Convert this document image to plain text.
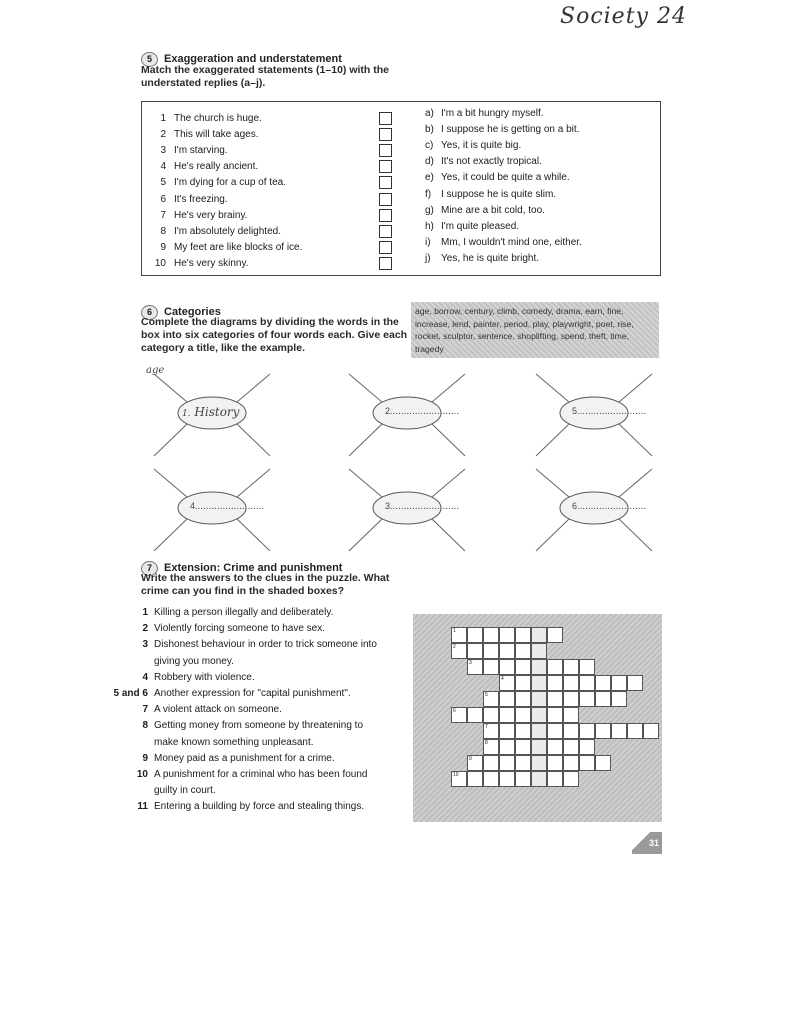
Society 24
5 Exaggeration and understatement
Match the exaggerated statements (1–10) with the
understated replies (a–j).
1 The church is huge.
2 This will take ages.
3 I'm starving.
4 He's really ancient.
5 I'm dying for a cup of tea.
6 It's freezing.
7 He's very brainy.
8 I'm absolutely delighted.
9 My feet are like blocks of ice.
10 He's very skinny.
a) I'm a bit hungry myself.
b) I suppose he is getting on a bit.
c) Yes, it is quite big.
d) It's not exactly tropical.
e) Yes, it could be quite a while.
f) I suppose he is quite slim.
g) Mine are a bit cold, too.
h) I'm quite pleased.
i)	Mm, I wouldn't mind one, either.
j)	Yes, he is quite bright.
6 Categories
Complete the diagrams by dividing the words in the
box into six categories of four words each. Give each
category a title, like the example.
age, borrow, century, climb, comedy, drama, earn, fine, increase, lend, painter, period, play, playwright, poet, rise, rocket, sculptor, sentence, shoplifting, spend, theft, time, tragedy
age
1. History	2.........................	5.........................
4.........................	3.........................	6.........................
7 Extension: Crime and punishment
Write the answers to the clues in the puzzle. What
crime can you find in the shaded boxes?
1 Killing a person illegally and deliberately.
2 Violently forcing someone to have sex.
3 Dishonest behaviour in order to trick someone into giving you money.
4 Robbery with violence.
5 and 6 Another expression for "capital punishment".
7 A violent attack on someone.
8 Getting money from someone by threatening to make known something unpleasant.
9 Money paid as a punishment for a crime.
10 A punishment for a criminal who has been found guilty in court.
11 Entering a building by force and stealing things.
1
2
3
4
5
6
7
8
9
10
31
